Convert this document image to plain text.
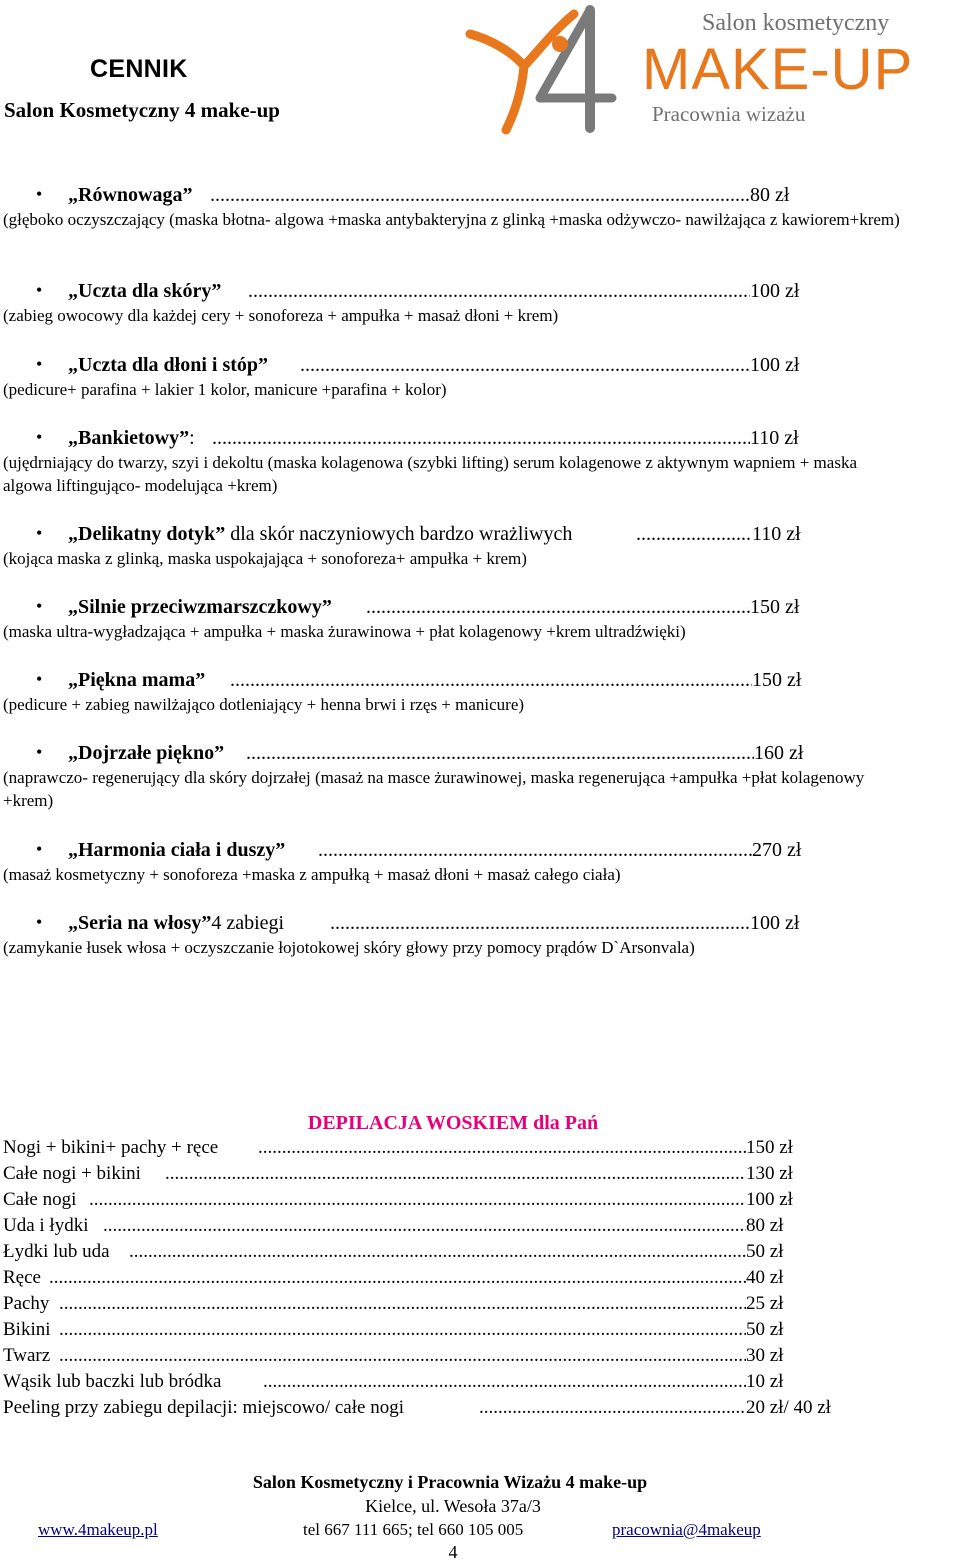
CENNIK
Salon Kosmetyczny 4 make-up
Salon kosmetyczny
MAKE-UP
Pracownia wizażu
• „Równowaga” .....	80 zł
(głęboko oczyszczający (maska błotna- algowa +maska antybakteryjna z glinką +maska odżywczo- nawilżająca z kawiorem+krem)
• „Uczta dla skóry” .....	100 zł
(zabieg owocowy dla każdej cery + sonoforeza + ampułka + masaż dłoni + krem)
• „Uczta dla dłoni i stóp” .....	100 zł
(pedicure+ parafina + lakier 1 kolor, manicure +parafina + kolor)
• „Bankietowy”: .....	110 zł
(ujędrniający do twarzy, szyi i dekoltu (maska kolagenowa (szybki lifting) serum kolagenowe z aktywnym wapniem + maska algowa liftingująco- modelująca +krem)
• „Delikatny dotyk” dla skór naczyniowych bardzo wrażliwych .....	110 zł
(kojąca maska z glinką, maska uspokajająca + sonoforeza+ ampułka + krem)
• „Silnie przeciwzmarszczkowy” .....	150 zł
(maska ultra-wygładzająca + ampułka + maska żurawinowa + płat kolagenowy +krem ultradźwięki)
• „Piękna mama” .....	150 zł
(pedicure + zabieg nawilżająco dotleniający + henna brwi i rzęs + manicure)
• „Dojrzałe piękno” .....	160 zł
(naprawczo- regenerujący dla skóry dojrzałej (masaż na masce żurawinowej, maska regenerująca +ampułka +płat kolagenowy +krem)
• „Harmonia ciała i duszy” .....	270 zł
(masaż kosmetyczny + sonoforeza +maska z ampułką + masaż dłoni + masaż całego ciała)
• „Seria na włosy”4 zabiegi .....	100 zł
(zamykanie łusek włosa + oczyszczanie łojotokowej skóry głowy przy pomocy prądów D`Arsonvala)
DEPILACJA WOSKIEM dla Pań
Nogi + bikini+ pachy + ręce .....	150 zł
Całe nogi + bikini .....	130 zł
Całe nogi .....	100 zł
Uda i łydki .....	80 zł
Łydki lub uda .....	50 zł
Ręce .....	40 zł
Pachy .....	25 zł
Bikini .....	50 zł
Twarz .....	30 zł
Wąsik lub baczki lub bródka .....	10 zł
Peeling przy zabiegu depilacji: miejscowo/ całe nogi .....	20 zł/ 40 zł
Salon Kosmetyczny i Pracownia Wizażu 4 make-up
Kielce, ul. Wesoła 37a/3
www.4makeup.pl	tel 667 111 665; tel 660 105 005	pracownia@4makeup
4
